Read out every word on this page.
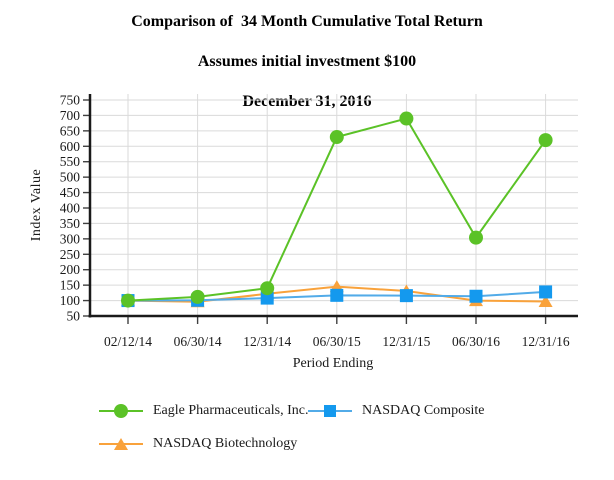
Comparison of  34 Month Cumulative Total Return

Assumes initial investment $100

December 31, 2016
50
100
150
200
250
300
350
400
450
500
550
600
650
700
750
02/12/14 06/30/14 12/31/14 06/30/15 12/31/15 06/30/16 12/31/16
Index Value
Period Ending
Eagle Pharmaceuticals, Inc.	NASDAQ Composite
NASDAQ Biotechnology
